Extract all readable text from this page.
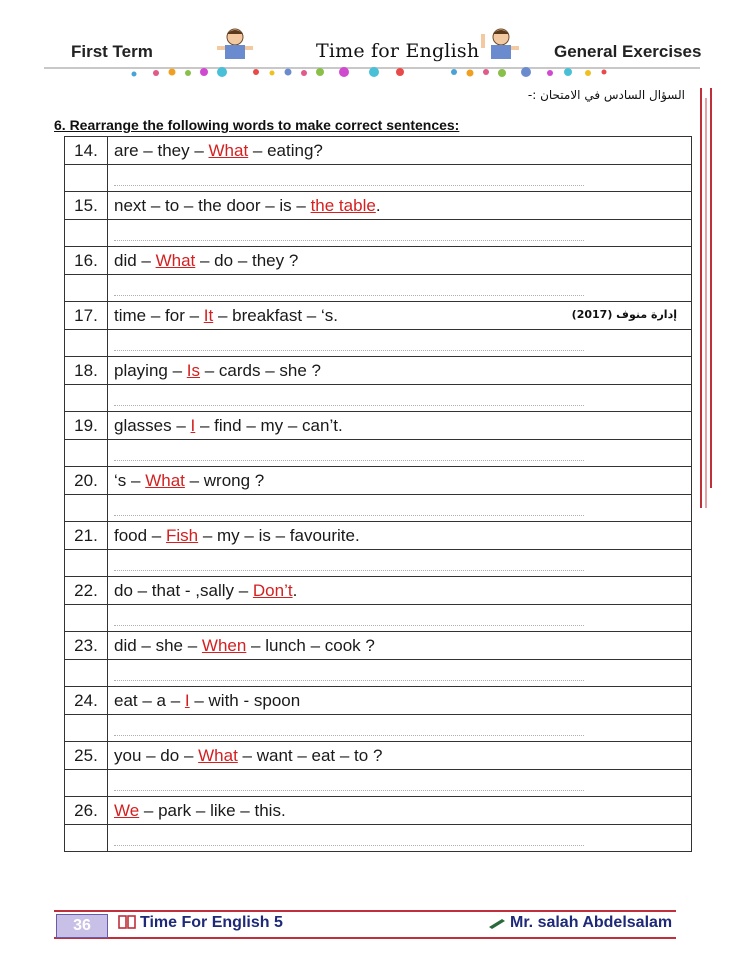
First Term	Time for English	General Exercises
السؤال السادس في الامتحان :-
6. Rearrange the following words to make correct sentences:
14.	are – they – What – eating?

15.	next – to – the door – is – the table.

16.	did – What – do – they ?

17.	time – for – It – breakfast – ‘s. إدارة منوف (2017)

18.	playing – Is – cards – she ?

19.	glasses – I – find – my – can’t.

20.	‘s – What – wrong ?

21.	food – Fish – my – is – favourite.

22.	do – that - ,sally – Don’t.

23.	did – she – When – lunch – cook ?

24.	eat – a – I – with - spoon

25.	you – do – What – want – eat – to ?

26.	We – park – like – this.

36	Time For English 5	Mr. salah Abdelsalam
